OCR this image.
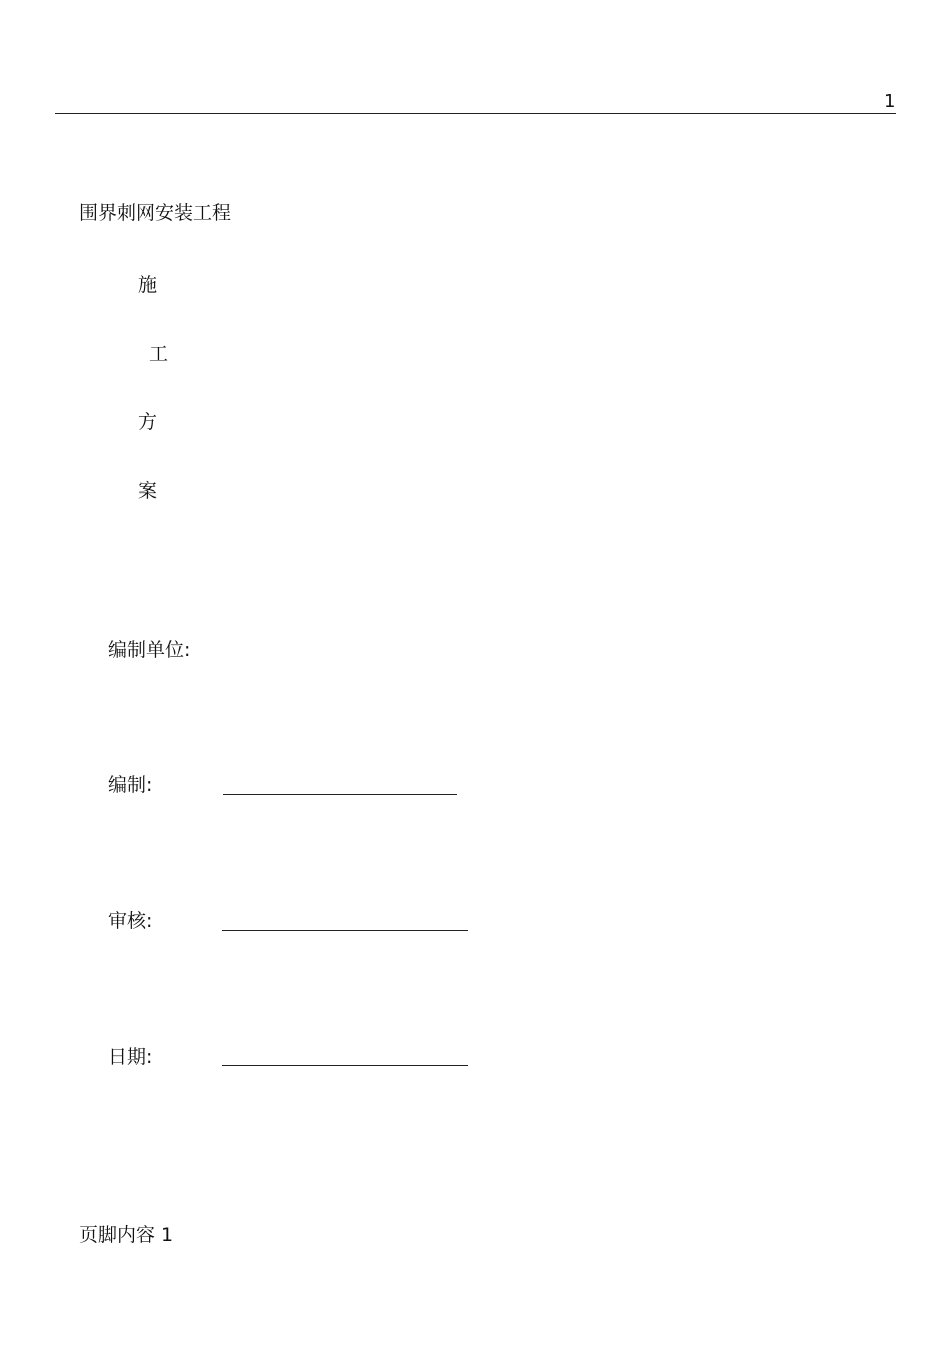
1
围界刺网安装工程
施
工
方
案
编制单位:
编制:
审核:
日期:
页脚内容 1
